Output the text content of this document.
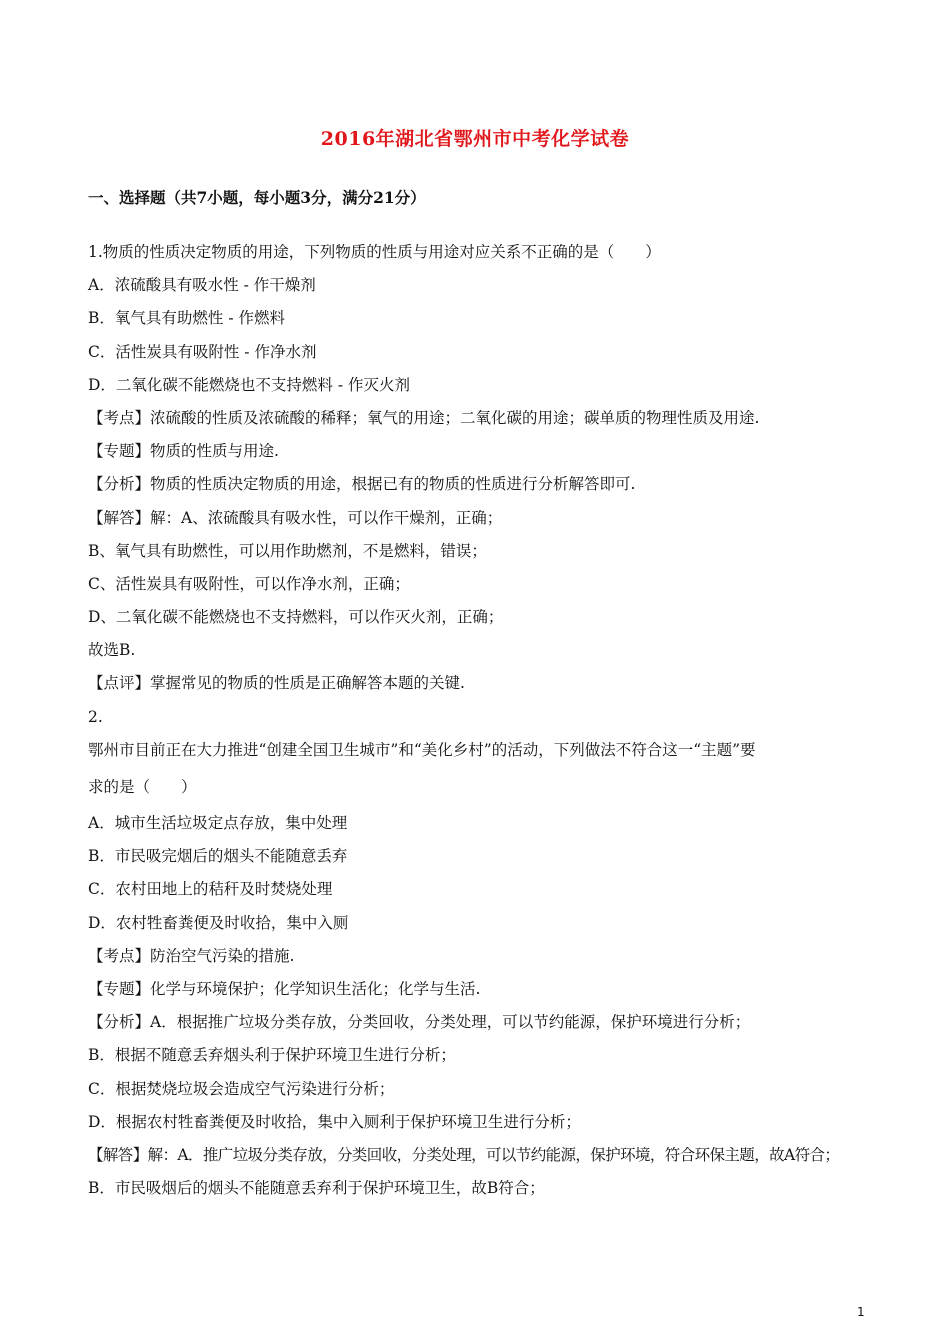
2016年湖北省鄂州市中考化学试卷
一、选择题（共7小题，每小题3分，满分21分）
1.物质的性质决定物质的用途，下列物质的性质与用途对应关系不正确的是（　　）
A．浓硫酸具有吸水性 - 作干燥剂
B．氧气具有助燃性 - 作燃料
C．活性炭具有吸附性 - 作净水剂
D．二氧化碳不能燃烧也不支持燃料 - 作灭火剂
【考点】浓硫酸的性质及浓硫酸的稀释；氧气的用途；二氧化碳的用途；碳单质的物理性质及用途.
【专题】物质的性质与用途.
【分析】物质的性质决定物质的用途，根据已有的物质的性质进行分析解答即可.
【解答】解：A、浓硫酸具有吸水性，可以作干燥剂，正确；
B、氧气具有助燃性，可以用作助燃剂，不是燃料，错误；
C、活性炭具有吸附性，可以作净水剂，正确；
D、二氧化碳不能燃烧也不支持燃料，可以作灭火剂，正确；
故选B.
【点评】掌握常见的物质的性质是正确解答本题的关键.
2.
鄂州市目前正在大力推进“创建全国卫生城市”和“美化乡村”的活动，下列做法不符合这一“主题”要
求的是（　　）
A．城市生活垃圾定点存放，集中处理
B．市民吸完烟后的烟头不能随意丢弃
C．农村田地上的秸秆及时焚烧处理
D．农村牲畜粪便及时收拾，集中入厕
【考点】防治空气污染的措施.
【专题】化学与环境保护；化学知识生活化；化学与生活.
【分析】A．根据推广垃圾分类存放，分类回收，分类处理，可以节约能源，保护环境进行分析；
B．根据不随意丢弃烟头利于保护环境卫生进行分析；
C．根据焚烧垃圾会造成空气污染进行分析；
D．根据农村牲畜粪便及时收拾，集中入厕利于保护环境卫生进行分析；
【解答】解：A．推广垃圾分类存放，分类回收，分类处理，可以节约能源，保护环境，符合环保主题，故A符合；
B．市民吸烟后的烟头不能随意丢弃利于保护环境卫生，故B符合；
1
